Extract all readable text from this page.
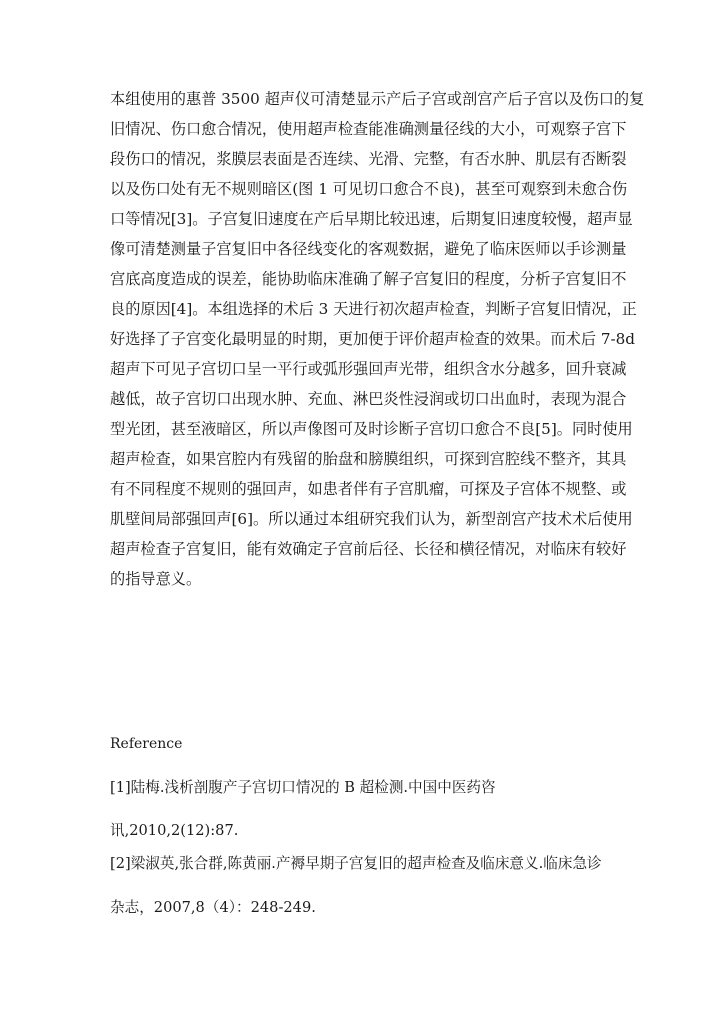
本组使用的惠普 3500 超声仪可清楚显示产后子宫或剖宫产后子宫以及伤口的复
旧情况、伤口愈合情况，使用超声检查能准确测量径线的大小，可观察子宫下
段伤口的情况，浆膜层表面是否连续、光滑、完整，有否水肿、肌层有否断裂
以及伤口处有无不规则暗区(图 1 可见切口愈合不良)，甚至可观察到未愈合伤
口等情况[3]。子宫复旧速度在产后早期比较迅速，后期复旧速度较慢，超声显
像可清楚测量子宫复旧中各径线变化的客观数据，避免了临床医师以手诊测量
宫底高度造成的误差，能协助临床准确了解子宫复旧的程度，分析子宫复旧不
良的原因[4]。本组选择的术后 3 天进行初次超声检查，判断子宫复旧情况，正
好选择了子宫变化最明显的时期，更加便于评价超声检查的效果。而术后 7-8d
超声下可见子宫切口呈一平行或弧形强回声光带，组织含水分越多，回升衰减
越低，故子宫切口出现水肿、充血、淋巴炎性浸润或切口出血时，表现为混合
型光团，甚至液暗区，所以声像图可及时诊断子宫切口愈合不良[5]。同时使用
超声检查，如果宫腔内有残留的胎盘和膀膜组织，可探到宫腔线不整齐，其具
有不同程度不规则的强回声，如患者伴有子宫肌瘤，可探及子宫体不规整、或
肌壁间局部强回声[6]。所以通过本组研究我们认为，新型剖宫产技术术后使用
超声检查子宫复旧，能有效确定子宫前后径、长径和横径情况，对临床有较好
的指导意义。
Reference
[1]陆梅.浅析剖腹产子宫切口情况的 B 超检测.中国中医药咨
讯,2010,2(12):87.
[2]梁淑英,张合群,陈黄丽.产褥早期子宫复旧的超声检查及临床意义.临床急诊
杂志，2007,8（4）：248-249.
